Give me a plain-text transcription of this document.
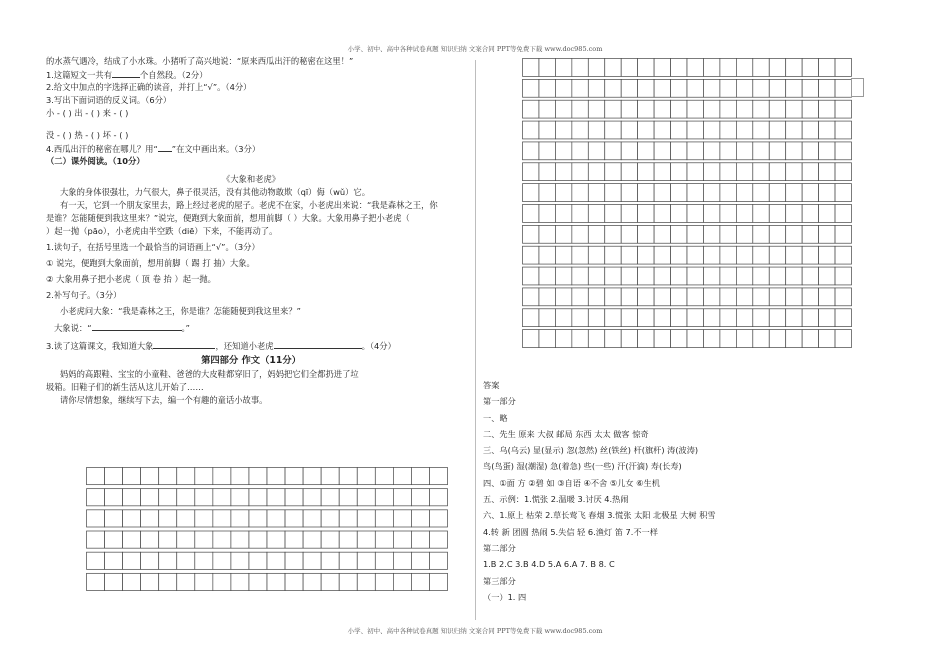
小学、初中、高中各种试卷真题 知识归纳 文案合同 PPT等免费下载 www.doc985.com
的水蒸气遇冷，结成了小水珠。小猪听了高兴地说：“原来西瓜出汗的秘密在这里！”
1.这篇短文一共有	个自然段。（2分）
2.给文中加点的字选择正确的读音，并打上“√”。（4分）
3.写出下面词语的反义词。（6分）
小 - ( ) 出 - ( ) 来 - ( )
没 - ( ) 热 - ( ) 坏 - ( )
4.西瓜出汗的秘密在哪儿？用“ ”在文中画出来。（3分）
（二）课外阅读。（10分）
《大象和老虎》
大象的身体很强壮，力气很大，鼻子很灵活，没有其他动物敢欺（qī）侮（wǔ）它。
有一天，它到一个朋友家里去，路上经过老虎的屋子。老虎不在家，小老虎出来说：“我是森林之王，你
是谁？怎能随便到我这里来？”说完，便跑到大象面前，想用前脚（ ）大象。大象用鼻子把小老虎（
）起一抛（pāo），小老虎由半空跌（diē）下来，不能再动了。
1.读句子，在括号里选一个最恰当的词语画上“√”。（3分）
① 说完，便跑到大象面前，想用前脚（ 踢 打 抽）大象。
② 大象用鼻子把小老虎（ 顶 卷 抬 ）起一抛。
2.补写句子。（3分）
小老虎问大象：“我是森林之王，你是谁？怎能随便到我这里来？”
大象说：“	。”
3.读了这篇课文，我知道大象	，还知道小老虎	。（4分）
第四部分 作文（11分）
妈妈的高跟鞋、宝宝的小童鞋、爸爸的大皮鞋都穿旧了，妈妈把它们全都扔进了垃
圾箱。旧鞋子们的新生活从这儿开始了……
请你尽情想象，继续写下去，编一个有趣的童话小故事。
答案
第一部分
一、略
二、先生 原来 大叔 邮局 东西 太太 做客 惊奇
三、乌(乌云) 显(显示) 忽(忽然) 丝(铁丝) 杆(旗杆) 涛(波涛)
鸟(鸟蛋) 湿(潮湿) 急(着急) 些(一些) 汗(汗滴) 寿(长寿)
四、①面 方 ②碧 如 ③自语 ④不舍 ⑤儿女 ⑥生机
五、示例：1.慌张 2.温暖 3.讨厌 4.热闹
六、1.原上 枯荣 2.草长莺飞 春烟 3.慌张 太阳 北极星 大树 积雪
4.转 新 团圆 热闹 5.失信 轻 6.渔灯 笛 7.不一样
第二部分
1.B 2.C 3.B 4.D 5.A 6.A 7. B 8. C
第三部分
（一）1. 四
小学、初中、高中各种试卷真题 知识归纳 文案合同 PPT等免费下载 www.doc985.com
